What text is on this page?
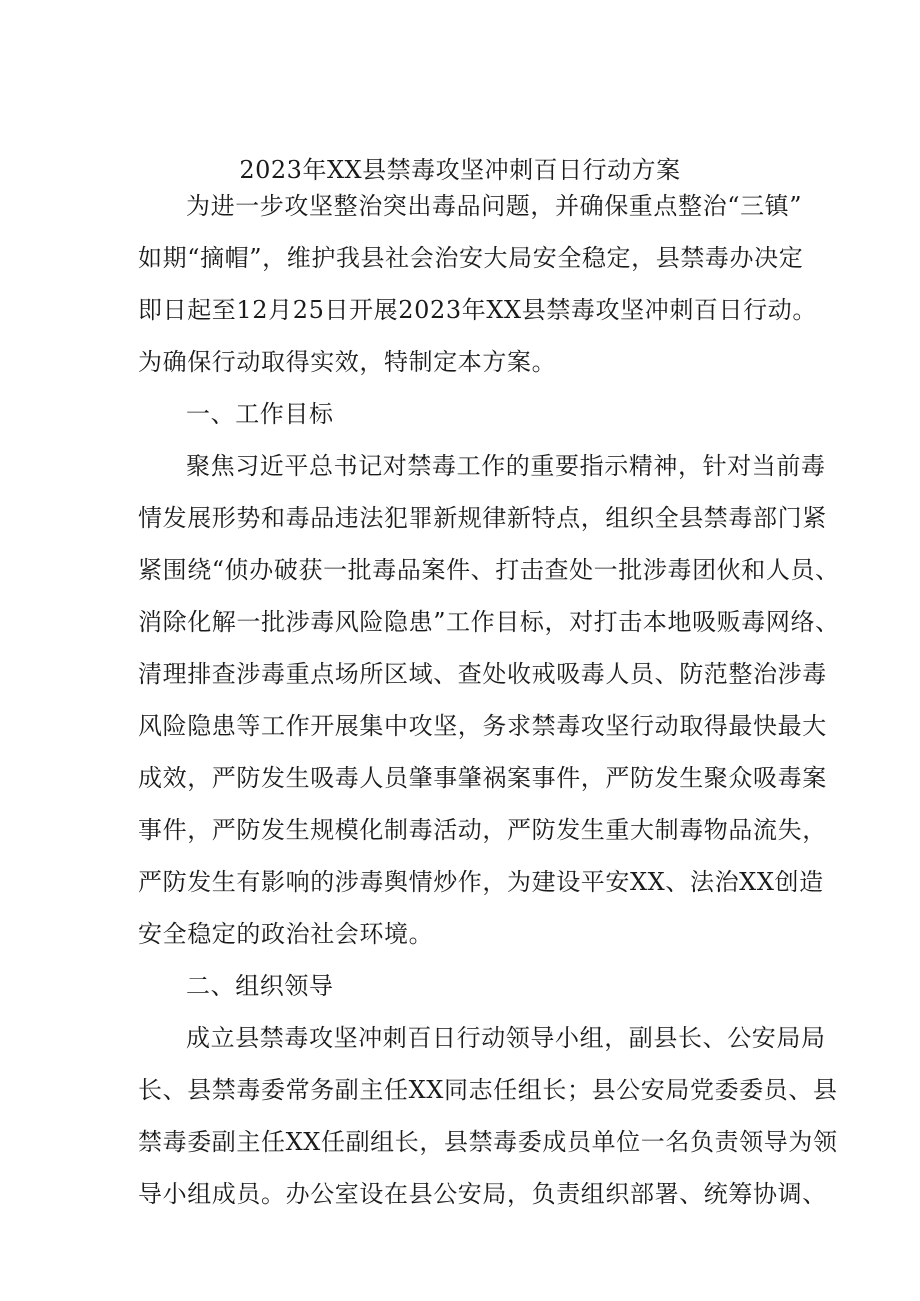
2023年XX县禁毒攻坚冲刺百日行动方案
为进一步攻坚整治突出毒品问题，并确保重点整治“三镇”
如期“摘帽”，维护我县社会治安大局安全稳定，县禁毒办决定
即日起至12月25日开展2023年XX县禁毒攻坚冲刺百日行动。
为确保行动取得实效，特制定本方案。
一、工作目标
聚焦习近平总书记对禁毒工作的重要指示精神，针对当前毒
情发展形势和毒品违法犯罪新规律新特点，组织全县禁毒部门紧
紧围绕“侦办破获一批毒品案件、打击查处一批涉毒团伙和人员、
消除化解一批涉毒风险隐患”工作目标，对打击本地吸贩毒网络、
清理排查涉毒重点场所区域、查处收戒吸毒人员、防范整治涉毒
风险隐患等工作开展集中攻坚，务求禁毒攻坚行动取得最快最大
成效，严防发生吸毒人员肇事肇祸案事件，严防发生聚众吸毒案
事件，严防发生规模化制毒活动，严防发生重大制毒物品流失，
严防发生有影响的涉毒舆情炒作，为建设平安XX、法治XX创造
安全稳定的政治社会环境。
二、组织领导
成立县禁毒攻坚冲刺百日行动领导小组，副县长、公安局局
长、县禁毒委常务副主任XX同志任组长；县公安局党委委员、县
禁毒委副主任XX任副组长，县禁毒委成员单位一名负责领导为领
导小组成员。办公室设在县公安局，负责组织部署、统筹协调、
